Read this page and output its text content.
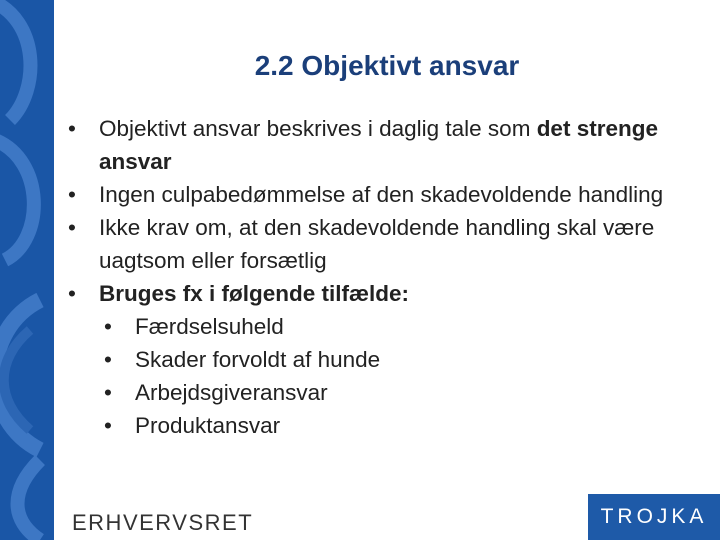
2.2 Objektivt ansvar
•	Objektivt ansvar beskrives i daglig tale som det strenge ansvar
•	Ingen culpabedømmelse af den skadevoldende handling
•	Ikke krav om, at den skadevoldende handling skal være uagtsom eller forsætlig
•	Bruges fx i følgende tilfælde:
•	Færdselsuheld
•	Skader forvoldt af hunde
•	Arbejdsgiveransvar
•	Produktansvar
ERHVERVSRET	TROJKA
